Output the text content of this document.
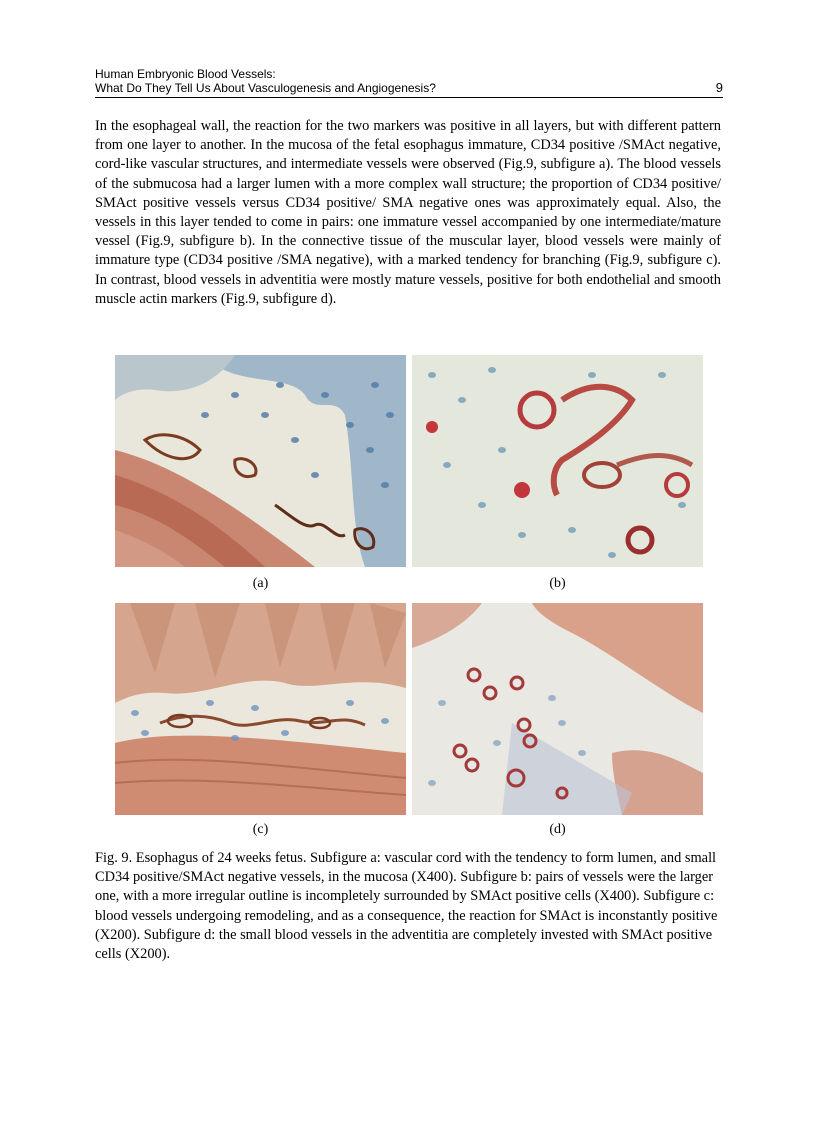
Human Embryonic Blood Vessels:
What Do They Tell Us About Vasculogenesis and Angiogenesis?	9

In the esophageal wall, the reaction for the two markers was positive in all layers, but with different pattern from one layer to another. In the mucosa of the fetal esophagus immature, CD34 positive /SMAct negative, cord-like vascular structures, and intermediate vessels were observed (Fig.9, subfigure a). The blood vessels of the submucosa had a larger lumen with a more complex wall structure; the proportion of CD34 positive/ SMAct positive vessels versus CD34 positive/ SMA negative ones was approximately equal. Also, the vessels in this layer tended to come in pairs: one immature vessel accompanied by one intermediate/mature vessel (Fig.9, subfigure b). In the connective tissue of the muscular layer, blood vessels were mainly of immature type (CD34 positive /SMA negative), with a marked tendency for branching (Fig.9, subfigure c). In contrast, blood vessels in adventitia were mostly mature vessels, positive for both endothelial and smooth muscle actin markers (Fig.9, subfigure d).

(a)	(b)
(c)	(d)

Fig. 9. Esophagus of 24 weeks fetus. Subfigure a: vascular cord with the tendency to form lumen, and small CD34 positive/SMAct negative vessels, in the mucosa (X400). Subfigure b: pairs of vessels were the larger one, with a more irregular outline is incompletely surrounded by SMAct positive cells (X400). Subfigure c: blood vessels undergoing remodeling, and as a consequence, the reaction for SMAct is inconstantly positive (X200). Subfigure d: the small blood vessels in the adventitia are completely invested with SMAct positive cells (X200).
